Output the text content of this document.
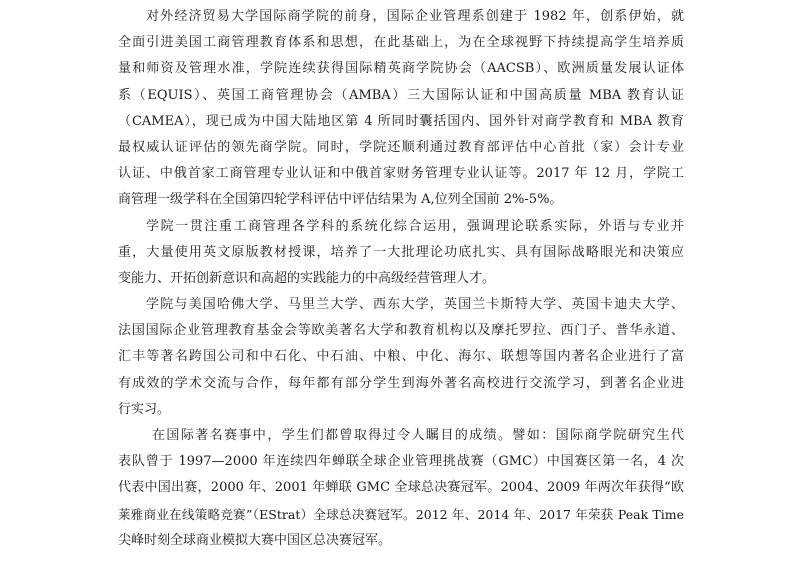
对外经济贸易大学国际商学院的前身，国际企业管理系创建于 1982 年，创系伊始，就
全面引进美国工商管理教育体系和思想，在此基础上，为在全球视野下持续提高学生培养质
量和师资及管理水准，学院连续获得国际精英商学院协会（AACSB）、欧洲质量发展认证体
系（EQUIS）、英国工商管理协会（AMBA）三大国际认证和中国高质量 MBA 教育认证
（CAMEA），现已成为中国大陆地区第 4 所同时囊括国内、国外针对商学教育和 MBA 教育
最权威认证评估的领先商学院。同时，学院还顺利通过教育部评估中心首批（家）会计专业
认证、中俄首家工商管理专业认证和中俄首家财务管理专业认证等。2017 年 12 月，学院工
商管理一级学科在全国第四轮学科评估中评估结果为 A,位列全国前 2%-5%。

学院一贯注重工商管理各学科的系统化综合运用，强调理论联系实际，外语与专业并
重，大量使用英文原版教材授课，培养了一大批理论功底扎实、具有国际战略眼光和决策应
变能力、开拓创新意识和高超的实践能力的中高级经营管理人才。

学院与美国哈佛大学、马里兰大学、西东大学，英国兰卡斯特大学、英国卡迪夫大学、
法国国际企业管理教育基金会等欧美著名大学和教育机构以及摩托罗拉、西门子、普华永道、
汇丰等著名跨国公司和中石化、中石油、中粮、中化、海尔、联想等国内著名企业进行了富
有成效的学术交流与合作，每年都有部分学生到海外著名高校进行交流学习，到著名企业进
行实习。

在国际著名赛事中，学生们都曾取得过令人瞩目的成绩。譬如：国际商学院研究生代
表队曾于 1997—2000 年连续四年蝉联全球企业管理挑战赛（GMC）中国赛区第一名，4 次
代表中国出赛，2000 年、2001 年蝉联 GMC 全球总决赛冠军。2004、2009 年两次年获得“欧
莱雅商业在线策略竞赛”（EStrat）全球总决赛冠军。2012 年、2014 年、2017 年荣获 Peak Time
尖峰时刻全球商业模拟大赛中国区总决赛冠军。
